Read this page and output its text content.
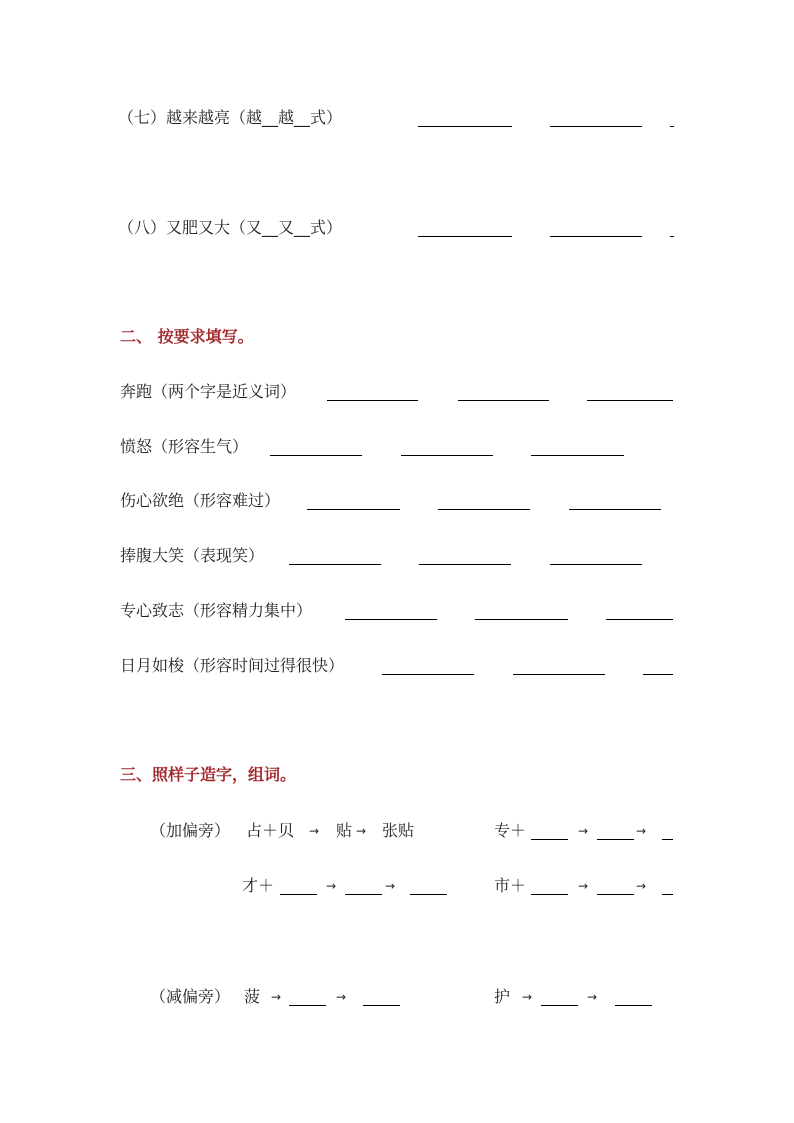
（七）越来越亮（越__越__式）
（八）又肥又大（又__又__式）
二、 按要求填写。
奔跑（两个字是近义词）
愤怒（形容生气）
伤心欲绝（形容难过）
捧腹大笑（表现笑）
专心致志（形容精力集中）
日月如梭（形容时间过得很快）
三、照样子造字，组词。
（加偏旁） 占＋贝 → 贴 → 张贴	专＋	→	→
才＋	→	→	市＋	→	→
（减偏旁） 菠 →	→	护 →	→
